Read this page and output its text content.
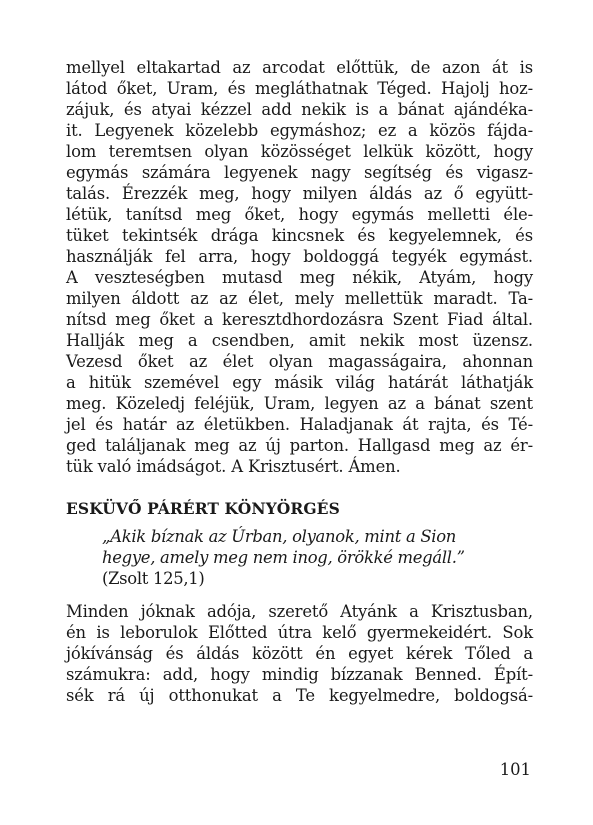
mellyel eltakartad az arcodat előttük, de azon át is
látod őket, Uram, és megláthatnak Téged. Hajolj hoz-
zájuk, és atyai kézzel add nekik is a bánat ajándéka-
it. Legyenek közelebb egymáshoz; ez a közös fájda-
lom teremtsen olyan közösséget lelkük között, hogy
egymás számára legyenek nagy segítség és vigasz-
talás. Érezzék meg, hogy milyen áldás az ő együtt-
létük, tanítsd meg őket, hogy egymás melletti éle-
tüket tekintsék drága kincsnek és kegyelemnek, és
használják fel arra, hogy boldoggá tegyék egymást.
A veszteségben mutasd meg nékik, Atyám, hogy
milyen áldott az az élet, mely mellettük maradt. Ta-
nítsd meg őket a keresztdhordozásra Szent Fiad által.
Hallják meg a csendben, amit nekik most üzensz.
Vezesd őket az élet olyan magasságaira, ahonnan
a hitük szemével egy másik világ határát láthatják
meg. Közeledj feléjük, Uram, legyen az a bánat szent
jel és határ az életükben. Haladjanak át rajta, és Té-
ged találjanak meg az új parton. Hallgasd meg az ér-
tük való imádságot. A Krisztusért. Ámen.
ESKÜVŐ PÁRÉRT KÖNYÖRGÉS
„Akik bíznak az Úrban, olyanok, mint a Sion
hegye, amely meg nem inog, örökké megáll.”
(Zsolt 125,1)
Minden jóknak adója, szerető Atyánk a Krisztusban,
én is leborulok Előtted útra kelő gyermekeidért. Sok
jókívánság és áldás között én egyet kérek Tőled a
számukra: add, hogy mindig bízzanak Benned. Épít-
sék rá új otthonukat a Te kegyelmedre, boldogsá-
101
